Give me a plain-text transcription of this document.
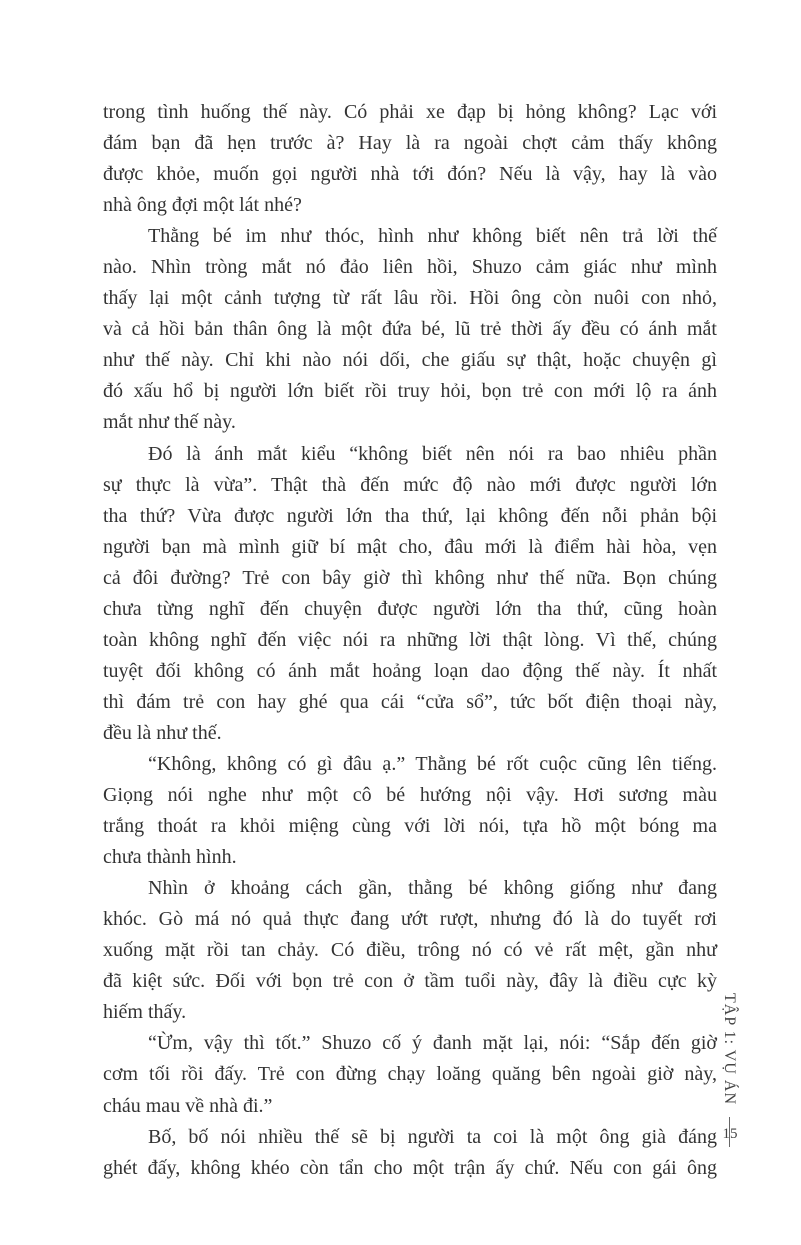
trong tình huống thế này. Có phải xe đạp bị hỏng không? Lạc với
đám bạn đã hẹn trước à? Hay là ra ngoài chợt cảm thấy không
được khỏe, muốn gọi người nhà tới đón? Nếu là vậy, hay là vào
nhà ông đợi một lát nhé?
Thằng bé im như thóc, hình như không biết nên trả lời thế
nào. Nhìn tròng mắt nó đảo liên hồi, Shuzo cảm giác như mình
thấy lại một cảnh tượng từ rất lâu rồi. Hồi ông còn nuôi con nhỏ,
và cả hồi bản thân ông là một đứa bé, lũ trẻ thời ấy đều có ánh mắt
như thế này. Chỉ khi nào nói dối, che giấu sự thật, hoặc chuyện gì
đó xấu hổ bị người lớn biết rồi truy hỏi, bọn trẻ con mới lộ ra ánh
mắt như thế này.
Đó là ánh mắt kiểu “không biết nên nói ra bao nhiêu phần
sự thực là vừa”. Thật thà đến mức độ nào mới được người lớn
tha thứ? Vừa được người lớn tha thứ, lại không đến nỗi phản bội
người bạn mà mình giữ bí mật cho, đâu mới là điểm hài hòa, vẹn
cả đôi đường? Trẻ con bây giờ thì không như thế nữa. Bọn chúng
chưa từng nghĩ đến chuyện được người lớn tha thứ, cũng hoàn
toàn không nghĩ đến việc nói ra những lời thật lòng. Vì thế, chúng
tuyệt đối không có ánh mắt hoảng loạn dao động thế này. Ít nhất
thì đám trẻ con hay ghé qua cái “cửa sổ”, tức bốt điện thoại này,
đều là như thế.
“Không, không có gì đâu ạ.” Thằng bé rốt cuộc cũng lên tiếng.
Giọng nói nghe như một cô bé hướng nội vậy. Hơi sương màu
trắng thoát ra khỏi miệng cùng với lời nói, tựa hồ một bóng ma
chưa thành hình.
Nhìn ở khoảng cách gần, thằng bé không giống như đang
khóc. Gò má nó quả thực đang ướt rượt, nhưng đó là do tuyết rơi
xuống mặt rồi tan chảy. Có điều, trông nó có vẻ rất mệt, gần như
đã kiệt sức. Đối với bọn trẻ con ở tầm tuổi này, đây là điều cực kỳ
hiếm thấy.
“Ừm, vậy thì tốt.” Shuzo cố ý đanh mặt lại, nói: “Sắp đến giờ
cơm tối rồi đấy. Trẻ con đừng chạy loăng quăng bên ngoài giờ này,
cháu mau về nhà đi.”
Bố, bố nói nhiều thế sẽ bị người ta coi là một ông già đáng
ghét đấy, không khéo còn tẩn cho một trận ấy chứ. Nếu con gái ông
TẬP 1: VỤ ÁN
15
